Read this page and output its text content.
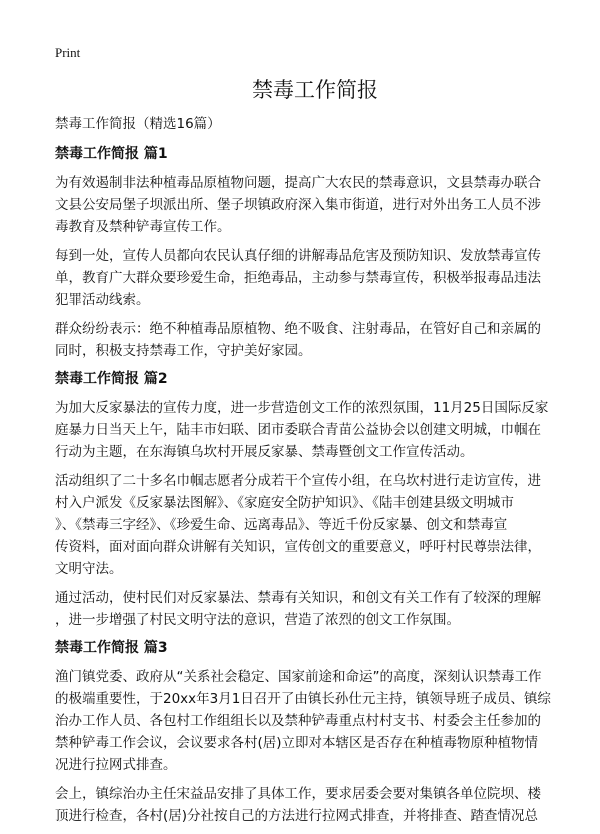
Print
禁毒工作简报
禁毒工作简报（精选16篇）
禁毒工作简报 篇1

为有效遏制非法种植毒品原植物问题，提高广大农民的禁毒意识，文县禁毒办联合
文县公安局堡子坝派出所、堡子坝镇政府深入集市街道，进行对外出务工人员不涉
毒教育及禁种铲毒宣传工作。

每到一处，宣传人员都向农民认真仔细的讲解毒品危害及预防知识、发放禁毒宣传
单，教育广大群众要珍爱生命，拒绝毒品，主动参与禁毒宣传，积极举报毒品违法
犯罪活动线索。

群众纷纷表示：绝不种植毒品原植物、绝不吸食、注射毒品，在管好自己和亲属的
同时，积极支持禁毒工作，守护美好家园。

禁毒工作简报 篇2

为加大反家暴法的宣传力度，进一步营造创文工作的浓烈氛围，11月25日国际反家
庭暴力日当天上午，陆丰市妇联、团市委联合青苗公益协会以创建文明城，巾帼在
行动为主题，在东海镇乌坎村开展反家暴、禁毒暨创文工作宣传活动。

活动组织了二十多名巾帼志愿者分成若干个宣传小组，在乌坎村进行走访宣传，进
村入户派发《反家暴法图解》、《家庭安全防护知识》、《陆丰创建县级文明城市
》、《禁毒三字经》、《珍爱生命、远离毒品》、等近千份反家暴、创文和禁毒宣
传资料，面对面向群众讲解有关知识，宣传创文的重要意义，呼吁村民尊崇法律，
文明守法。

通过活动，使村民们对反家暴法、禁毒有关知识，和创文有关工作有了较深的理解
，进一步增强了村民文明守法的意识，营造了浓烈的创文工作氛围。

禁毒工作简报 篇3

渔门镇党委、政府从“关系社会稳定、国家前途和命运”的高度，深刻认识禁毒工作
的极端重要性，于20xx年3月1日召开了由镇长孙仕元主持，镇领导班子成员、镇综
治办工作人员、各包村工作组组长以及禁种铲毒重点村村支书、村委会主任参加的
禁种铲毒工作会议，会议要求各村(居)立即对本辖区是否存在种植毒物原种植物情
况进行拉网式排查。

会上，镇综治办主任宋益品安排了具体工作，要求居委会要对集镇各单位院坝、楼
顶进行检查，各村(居)分社按自己的方法进行拉网式排查，并将排查、踏查情况总
